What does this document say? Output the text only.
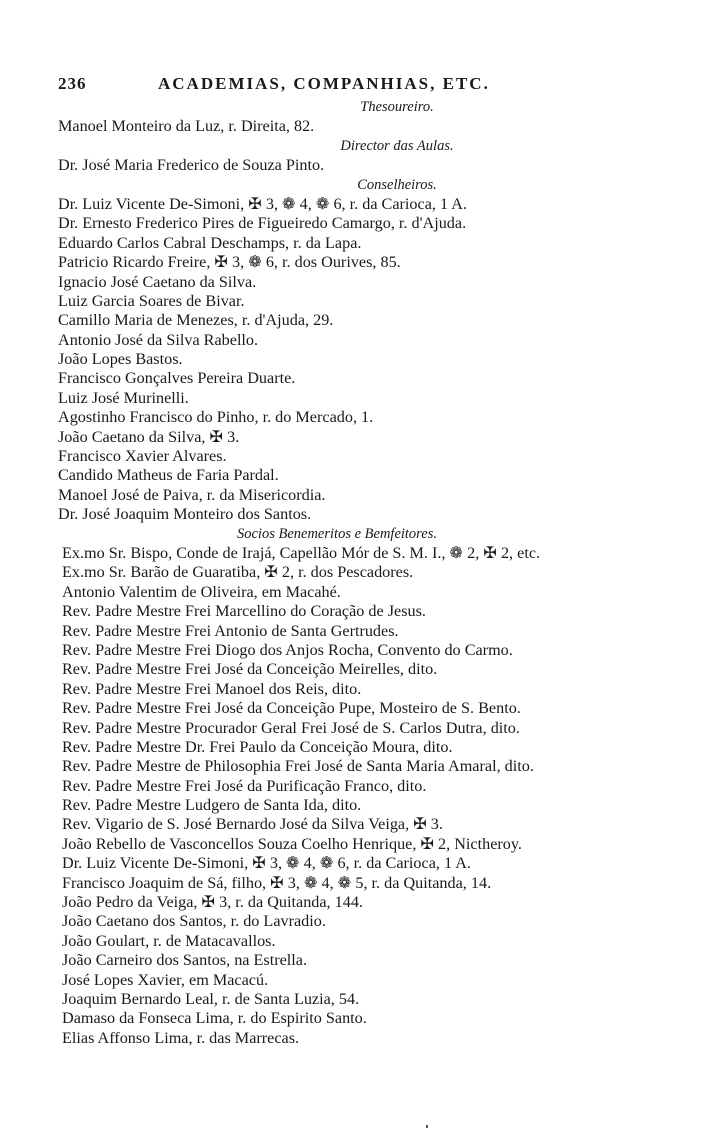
236	ACADEMIAS, COMPANHIAS, ETC.
Thesoureiro.
Manoel Monteiro da Luz, r. Direita, 82.
Director das Aulas.
Dr. José Maria Frederico de Souza Pinto.
Conselheiros.
Dr. Luiz Vicente De-Simoni, ✠ 3, ❁ 4, ❁ 6, r. da Carioca, 1 A.
Dr. Ernesto Frederico Pires de Figueiredo Camargo, r. d'Ajuda.
Eduardo Carlos Cabral Deschamps, r. da Lapa.
Patricio Ricardo Freire, ✠ 3, ❁ 6, r. dos Ourives, 85.
Ignacio José Caetano da Silva.
Luiz Garcia Soares de Bivar.
Camillo Maria de Menezes, r. d'Ajuda, 29.
Antonio José da Silva Rabello.
João Lopes Bastos.
Francisco Gonçalves Pereira Duarte.
Luiz José Murinelli.
Agostinho Francisco do Pinho, r. do Mercado, 1.
João Caetano da Silva, ✠ 3.
Francisco Xavier Alvares.
Candido Matheus de Faria Pardal.
Manoel José de Paiva, r. da Misericordia.
Dr. José Joaquim Monteiro dos Santos.
Socios Benemeritos e Bemfeitores.
Ex.mo Sr. Bispo, Conde de Irajá, Capellão Mór de S. M. I., ❁ 2, ✠ 2, etc.
Ex.mo Sr. Barão de Guaratiba, ✠ 2, r. dos Pescadores.
Antonio Valentim de Oliveira, em Macahé.
Rev. Padre Mestre Frei Marcellino do Coração de Jesus.
Rev. Padre Mestre Frei Antonio de Santa Gertrudes.
Rev. Padre Mestre Frei Diogo dos Anjos Rocha, Convento do Carmo.
Rev. Padre Mestre Frei José da Conceição Meirelles, dito.
Rev. Padre Mestre Frei Manoel dos Reis, dito.
Rev. Padre Mestre Frei José da Conceição Pupe, Mosteiro de S. Bento.
Rev. Padre Mestre Procurador Geral Frei José de S. Carlos Dutra, dito.
Rev. Padre Mestre Dr. Frei Paulo da Conceição Moura, dito.
Rev. Padre Mestre de Philosophia Frei José de Santa Maria Amaral, dito.
Rev. Padre Mestre Frei José da Purificação Franco, dito.
Rev. Padre Mestre Ludgero de Santa Ida, dito.
Rev. Vigario de S. José Bernardo José da Silva Veiga, ✠ 3.
João Rebello de Vasconcellos Souza Coelho Henrique, ✠ 2, Nictheroy.
Dr. Luiz Vicente De-Simoni, ✠ 3, ❁ 4, ❁ 6, r. da Carioca, 1 A.
Francisco Joaquim de Sá, filho, ✠ 3, ❁ 4, ❁ 5, r. da Quitanda, 14.
João Pedro da Veiga, ✠ 3, r. da Quitanda, 144.
João Caetano dos Santos, r. do Lavradio.
João Goulart, r. de Matacavallos.
João Carneiro dos Santos, na Estrella.
José Lopes Xavier, em Macacú.
Joaquim Bernardo Leal, r. de Santa Luzia, 54.
Damaso da Fonseca Lima, r. do Espirito Santo.
Elias Affonso Lima, r. das Marrecas.
